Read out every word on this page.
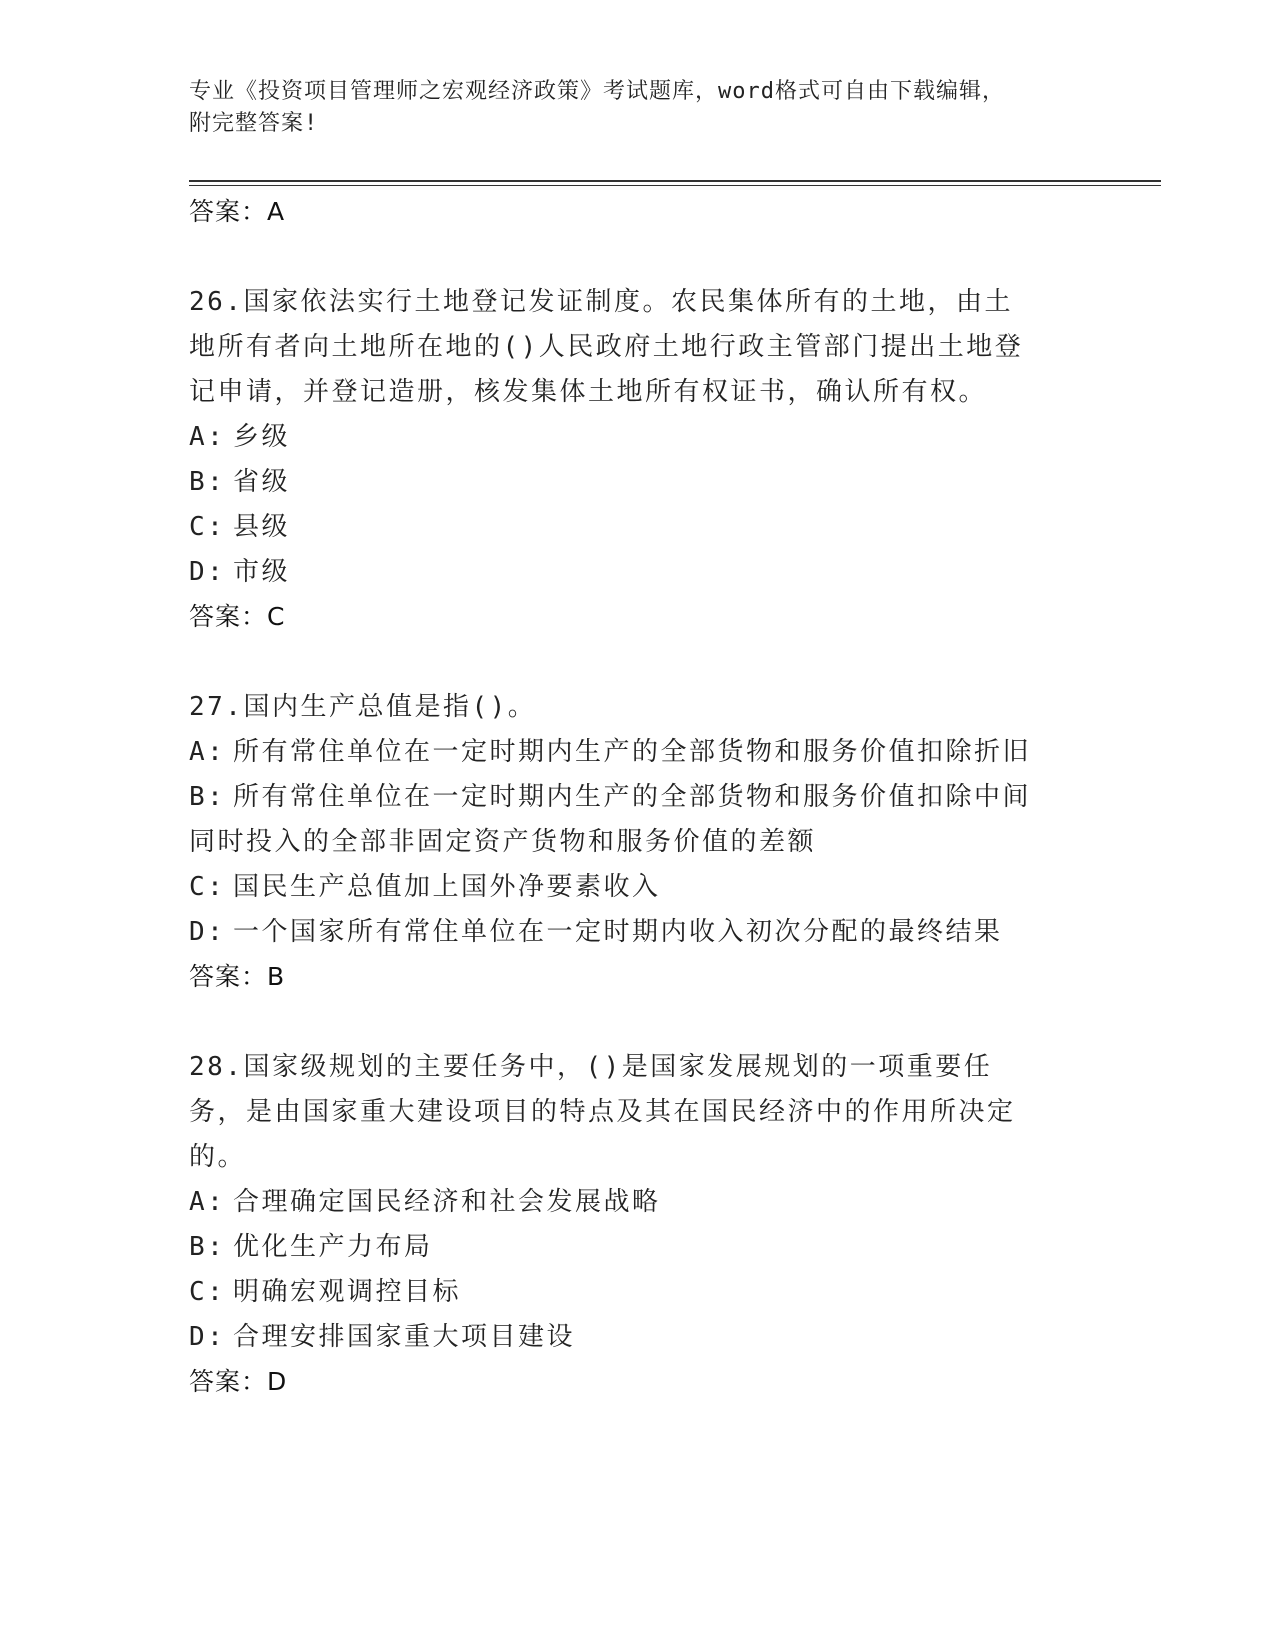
专业《投资项目管理师之宏观经济政策》考试题库，word格式可自由下载编辑，
附完整答案!
答案：A
26.国家依法实行土地登记发证制度。农民集体所有的土地，由土地所有者向土地所在地的()人民政府土地行政主管部门提出土地登记申请，并登记造册，核发集体土地所有权证书，确认所有权。
A: 乡级
B: 省级
C: 县级
D: 市级
答案：C
27.国内生产总值是指()。
A: 所有常住单位在一定时期内生产的全部货物和服务价值扣除折旧
B: 所有常住单位在一定时期内生产的全部货物和服务价值扣除中间同时投入的全部非固定资产货物和服务价值的差额
C: 国民生产总值加上国外净要素收入
D: 一个国家所有常住单位在一定时期内收入初次分配的最终结果
答案：B
28.国家级规划的主要任务中，()是国家发展规划的一项重要任务，是由国家重大建设项目的特点及其在国民经济中的作用所决定的。
A: 合理确定国民经济和社会发展战略
B: 优化生产力布局
C: 明确宏观调控目标
D: 合理安排国家重大项目建设
答案：D
